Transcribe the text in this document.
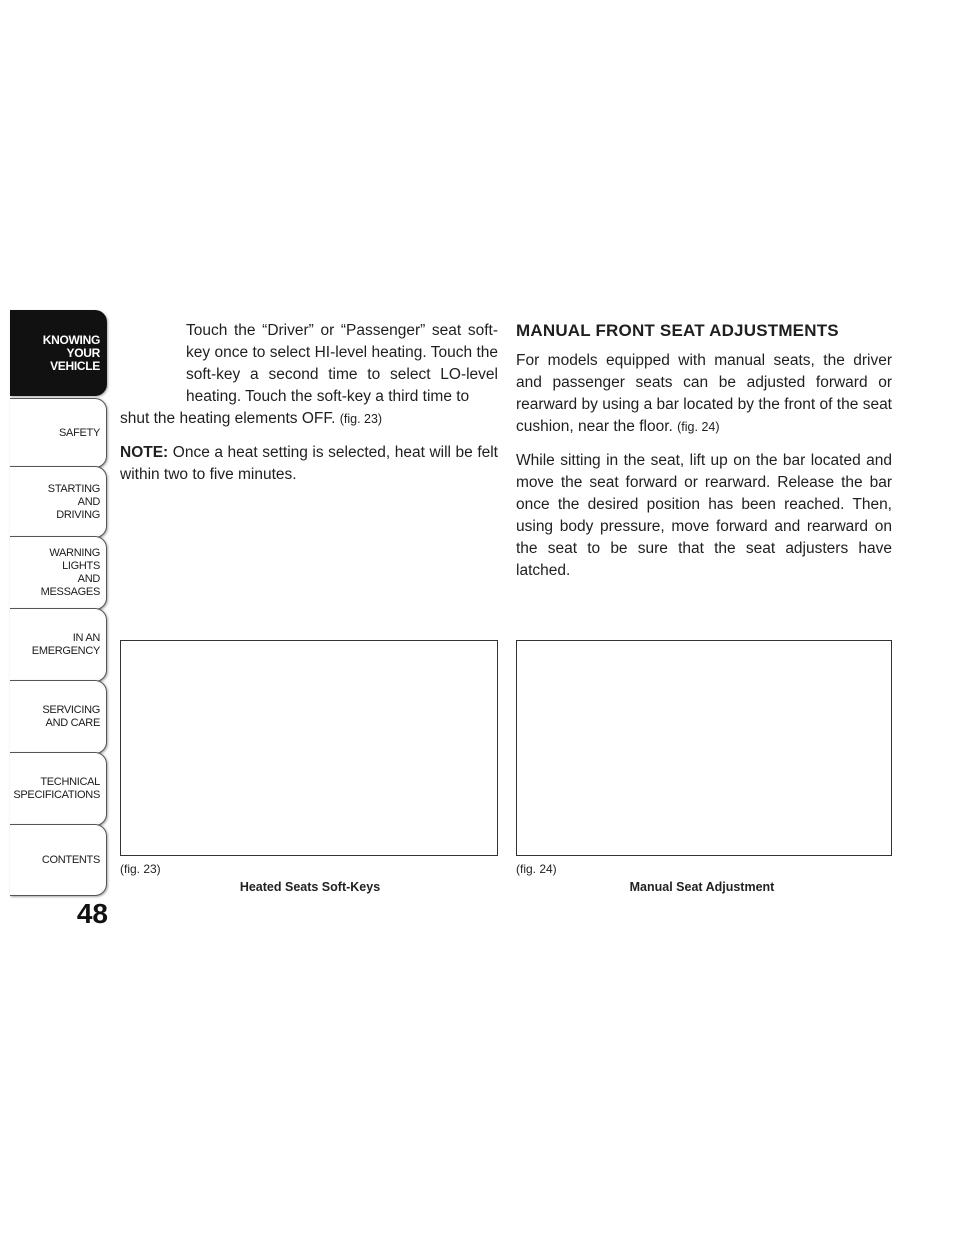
KNOWING
YOUR
VEHICLE
SAFETY
STARTING
AND
DRIVING
WARNING
LIGHTS
AND
MESSAGES
IN AN
EMERGENCY
SERVICING
AND CARE
TECHNICAL
SPECIFICATIONS
CONTENTS
48

Touch the “Driver” or “Passenger” seat soft-key once to select HI-level heating. Touch the soft-key a second time to select LO-level heating. Touch the soft-key a third time to

shut the heating elements OFF. (fig. 23)

NOTE: Once a heat setting is selected, heat will be felt within two to five minutes.

MANUAL FRONT SEAT ADJUSTMENTS

For models equipped with manual seats, the driver and passenger seats can be adjusted forward or rearward by using a bar located by the front of the seat cushion, near the floor. (fig. 24)

While sitting in the seat, lift up on the bar located and move the seat forward or rearward. Release the bar once the desired position has been reached. Then, using body pressure, move forward and rearward on the seat to be sure that the seat adjusters have latched.

(fig. 23)
Heated Seats Soft-Keys
(fig. 24)
Manual Seat Adjustment
